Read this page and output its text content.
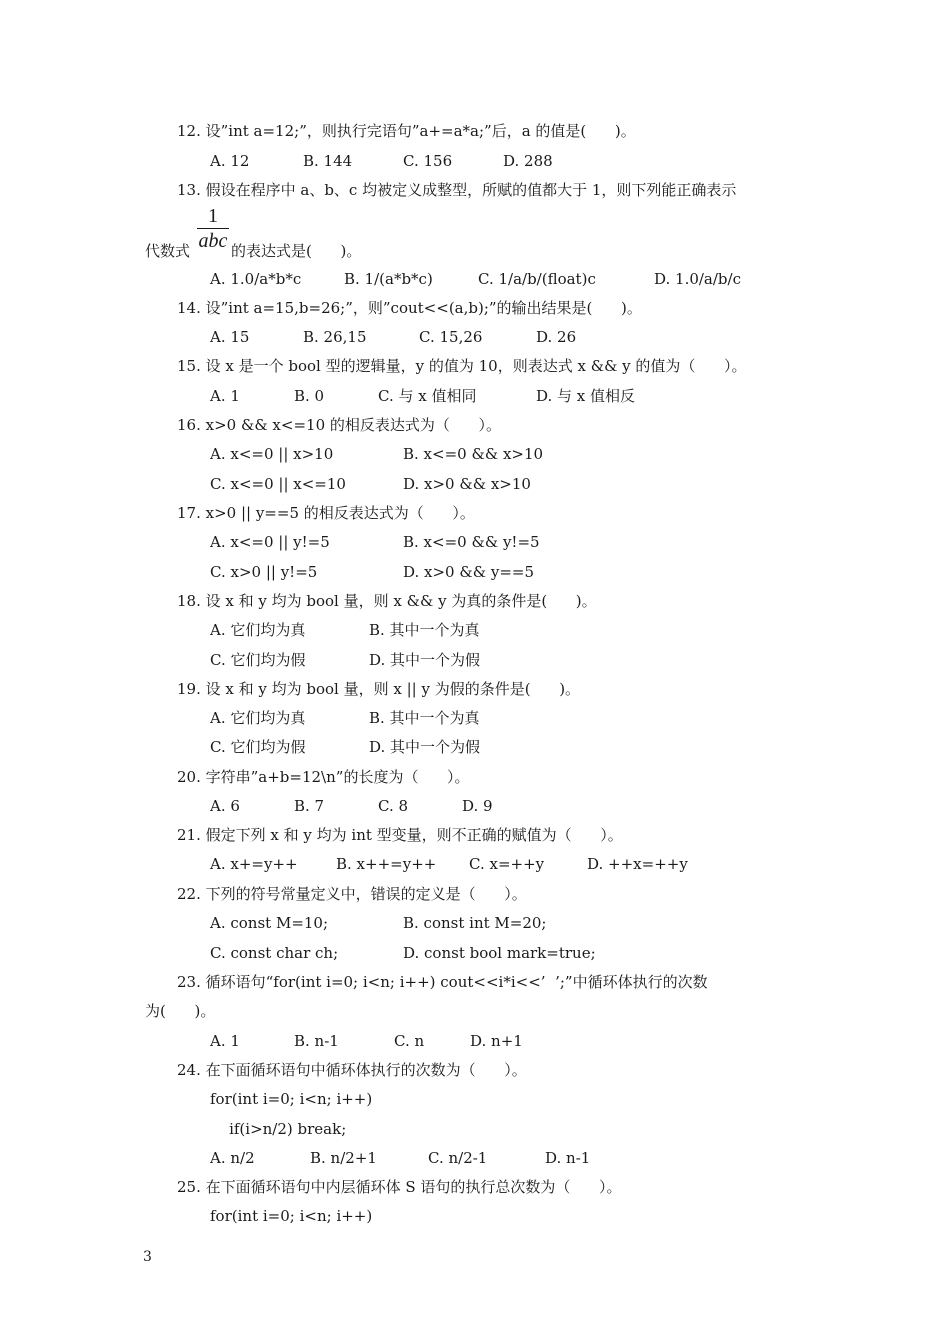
12. 设”int a=12;”，则执行完语句”a+=a*a;”后，a 的值是(      )。
A. 12	B. 144	C. 156	D. 288
13. 假设在程序中 a、b、c 均被定义成整型，所赋的值都大于 1，则下列能正确表示
代数式
1
abc 的表达式是(      )。
A. 1.0/a*b*c	B. 1/(a*b*c)	C. 1/a/b/(float)c	D. 1.0/a/b/c
14. 设”int a=15,b=26;”，则”cout<<(a,b);”的输出结果是(      )。
A. 15	B. 26,15	C. 15,26	D. 26
15. 设 x 是一个 bool 型的逻辑量，y 的值为 10，则表达式 x && y 的值为（      ）。
A. 1	B. 0	C. 与 x 值相同	D. 与 x 值相反
16. x>0 && x<=10 的相反表达式为（      ）。
A. x<=0 || x>10	B. x<=0 && x>10
C. x<=0 || x<=10	D. x>0 && x>10
17. x>0 || y==5 的相反表达式为（      ）。
A. x<=0 || y!=5	B. x<=0 && y!=5
C. x>0 || y!=5	D. x>0 && y==5
18. 设 x 和 y 均为 bool 量，则 x && y 为真的条件是(      )。
A. 它们均为真	B. 其中一个为真
C. 它们均为假	D. 其中一个为假
19. 设 x 和 y 均为 bool 量，则 x || y 为假的条件是(      )。
A. 它们均为真	B. 其中一个为真
C. 它们均为假	D. 其中一个为假
20. 字符串”a+b=12\n”的长度为（      ）。
A. 6	B. 7	C. 8	D. 9
21. 假定下列 x 和 y 均为 int 型变量，则不正确的赋值为（      ）。
A. x+=y++	B. x++=y++ C. x=++y	D. ++x=++y
22. 下列的符号常量定义中，错误的定义是（      ）。
A. const M=10;	B. const int M=20;
C. const char ch;	D. const bool mark=true;
23. 循环语句“for(int i=0; i<n; i++) cout<<i*i<<’  ’;”中循环体执行的次数
为(      )。
A. 1	B. n-1	C. n	D. n+1
24. 在下面循环语句中循环体执行的次数为（      ）。
for(int i=0; i<n; i++)
if(i>n/2) break;
A. n/2	B. n/2+1	C. n/2-1	D. n-1
25. 在下面循环语句中内层循环体 S 语句的执行总次数为（      ）。
for(int i=0; i<n; i++)
3
